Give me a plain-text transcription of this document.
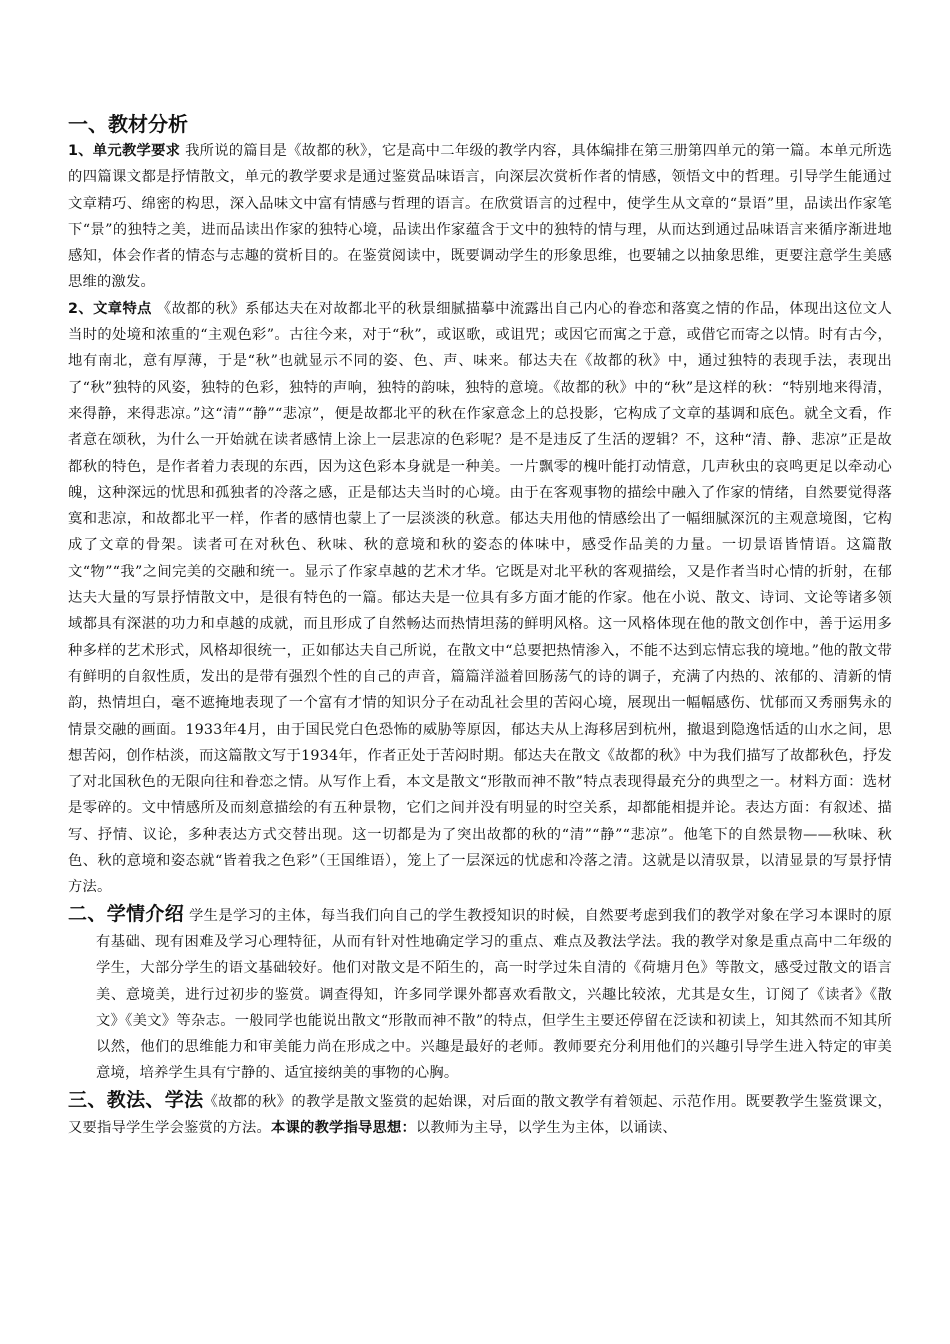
一、教材分析

1、单元教学要求 我所说的篇目是《故都的秋》，它是高中二年级的教学内容，具体编排在第三册第四单元的第一篇。本单元所选的四篇课文都是抒情散文，单元的教学要求是通过鉴赏品味语言，向深层次赏析作者的情感，领悟文中的哲理。引导学生能通过文章精巧、绵密的构思，深入品味文中富有情感与哲理的语言。在欣赏语言的过程中，使学生从文章的“景语”里，品读出作家笔下“景”的独特之美，进而品读出作家的独特心境，品读出作家蕴含于文中的独特的情与理，从而达到通过品味语言来循序渐进地感知，体会作者的情态与志趣的赏析目的。在鉴赏阅读中，既要调动学生的形象思维，也要辅之以抽象思维，更要注意学生美感思维的激发。

2、文章特点 《故都的秋》系郁达夫在对故都北平的秋景细腻描摹中流露出自己内心的眷恋和落寞之情的作品，体现出这位文人当时的处境和浓重的“主观色彩”。古往今来，对于“秋”，或讴歌，或诅咒；或因它而寓之于意，或借它而寄之以情。时有古今，地有南北，意有厚薄，于是“秋”也就显示不同的姿、色、声、味来。郁达夫在《故都的秋》中，通过独特的表现手法，表现出了“秋”独特的风姿，独特的色彩，独特的声响，独特的韵味，独特的意境。《故都的秋》中的“秋”是这样的秋：“特别地来得清，来得静，来得悲凉。”这“清”“静”“悲凉”，便是故都北平的秋在作家意念上的总投影，它构成了文章的基调和底色。就全文看，作者意在颂秋，为什么一开始就在读者感情上涂上一层悲凉的色彩呢？是不是违反了生活的逻辑？不，这种“清、静、悲凉”正是故都秋的特色，是作者着力表现的东西，因为这色彩本身就是一种美。一片飘零的槐叶能打动情意，几声秋虫的哀鸣更足以牵动心魄，这种深远的忧思和孤独者的冷落之感，正是郁达夫当时的心境。由于在客观事物的描绘中融入了作家的情绪，自然要觉得落寞和悲凉，和故都北平一样，作者的感情也蒙上了一层淡淡的秋意。郁达夫用他的情感绘出了一幅细腻深沉的主观意境图，它构成了文章的骨架。读者可在对秋色、秋味、秋的意境和秋的姿态的体味中，感受作品美的力量。一切景语皆情语。这篇散文“物”“我”之间完美的交融和统一。显示了作家卓越的艺术才华。它既是对北平秋的客观描绘，又是作者当时心情的折射，在郁达夫大量的写景抒情散文中，是很有特色的一篇。郁达夫是一位具有多方面才能的作家。他在小说、散文、诗词、文论等诸多领域都具有深湛的功力和卓越的成就，而且形成了自然畅达而热情坦荡的鲜明风格。这一风格体现在他的散文创作中，善于运用多种多样的艺术形式，风格却很统一，正如郁达夫自己所说，在散文中“总要把热情渗入，不能不达到忘情忘我的境地。”他的散文带有鲜明的自叙性质，发出的是带有强烈个性的自己的声音，篇篇洋溢着回肠荡气的诗的调子，充满了内热的、浓郁的、清新的情韵，热情坦白，毫不遮掩地表现了一个富有才情的知识分子在动乱社会里的苦闷心境，展现出一幅幅感伤、忧郁而又秀丽隽永的情景交融的画面。1933年4月，由于国民党白色恐怖的威胁等原因，郁达夫从上海移居到杭州，撤退到隐逸恬适的山水之间，思想苦闷，创作枯淡，而这篇散文写于1934年，作者正处于苦闷时期。郁达夫在散文《故都的秋》中为我们描写了故都秋色，抒发了对北国秋色的无限向往和眷恋之情。从写作上看，本文是散文“形散而神不散”特点表现得最充分的典型之一。材料方面：选材是零碎的。文中情感所及而刻意描绘的有五种景物，它们之间并没有明显的时空关系，却都能相提并论。表达方面：有叙述、描写、抒情、议论，多种表达方式交替出现。这一切都是为了突出故都的秋的“清”“静”“悲凉”。他笔下的自然景物——秋味、秋色、秋的意境和姿态就“皆着我之色彩”（王国维语），笼上了一层深远的忧虑和冷落之清。这就是以清驭景，以清显景的写景抒情方法。

二、学情介绍 学生是学习的主体，每当我们向自己的学生教授知识的时候，自然要考虑到我们的教学对象在学习本课时的原有基础、现有困难及学习心理特征，从而有针对性地确定学习的重点、难点及教法学法。我的教学对象是重点高中二年级的学生，大部分学生的语文基础较好。他们对散文是不陌生的，高一时学过朱自清的《荷塘月色》等散文，感受过散文的语言美、意境美，进行过初步的鉴赏。调查得知，许多同学课外都喜欢看散文，兴趣比较浓，尤其是女生，订阅了《读者》《散文》《美文》等杂志。一般同学也能说出散文“形散而神不散”的特点，但学生主要还停留在泛读和初读上，知其然而不知其所以然，他们的思维能力和审美能力尚在形成之中。兴趣是最好的老师。教师要充分利用他们的兴趣引导学生进入特定的审美意境，培养学生具有宁静的、适宜接纳美的事物的心胸。

三、教法、学法《故都的秋》的教学是散文鉴赏的起始课，对后面的散文教学有着领起、示范作用。既要教学生鉴赏课文，又要指导学生学会鉴赏的方法。本课的教学指导思想：以教师为主导，以学生为主体，以诵读、
